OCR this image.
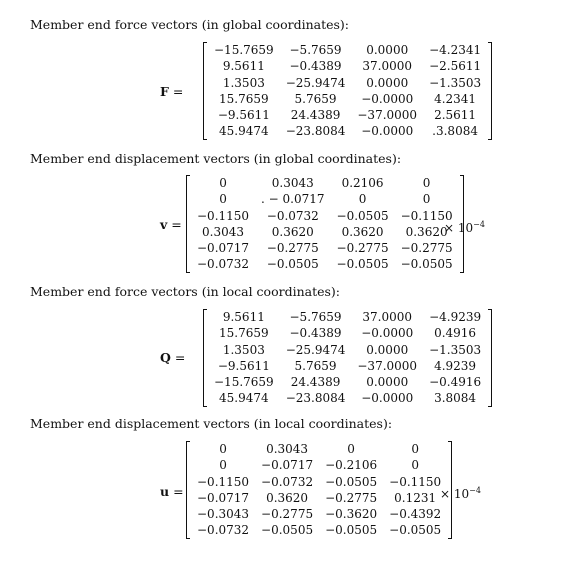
Member end force vectors (in global coordinates):
F =
−15.7659	−5.7659	0.0000	−4.2341
9.5611	−0.4389	37.0000	−2.5611
1.3503	−25.9474	0.0000	−1.3503
15.7659	5.7659	−0.0000	4.2341
−9.5611	24.4389	−37.0000	2.5611
45.9474	−23.8084	−0.0000	.3.8084
Member end displacement vectors (in global coordinates):
v =
0	0.3043	0.2106	0
0	. − 0.0717	0	0
−0.1150	−0.0732	−0.0505	−0.1150
0.3043	0.3620	0.3620	0.3620
−0.0717	−0.2775	−0.2775	−0.2775
−0.0732	−0.0505	−0.0505	−0.0505
× $10^{-4}$
Member end force vectors (in local coordinates):
Q =
9.5611	−5.7659	37.0000	−4.9239
15.7659	−0.4389	−0.0000	0.4916
1.3503	−25.9474	0.0000	−1.3503
−9.5611	5.7659	−37.0000	4.9239
−15.7659	24.4389	0.0000	−0.4916
45.9474	−23.8084	−0.0000	3.8084
Member end displacement vectors (in local coordinates):
u =
0	0.3043	0	0
0	−0.0717	−0.2106	0
−0.1150	−0.0732	−0.0505	−0.1150
−0.0717	0.3620	−0.2775	0.1231
−0.3043	−0.2775	−0.3620	−0.4392
−0.0732	−0.0505	−0.0505	−0.0505
× $10^{-4}$
